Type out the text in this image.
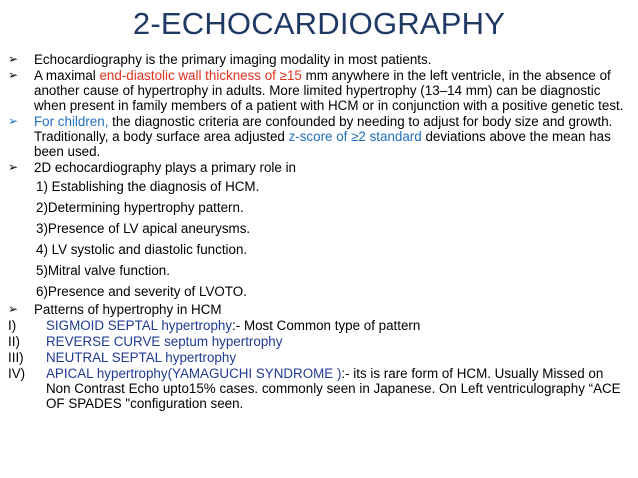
2-ECHOCARDIOGRAPHY
➢	Echocardiography is the primary imaging modality in most patients.
➢	A maximal end-diastolic wall thickness of ≥15 mm anywhere in the left ventricle, in the absence of another cause of hypertrophy in adults. More limited hypertrophy (13–14 mm) can be diagnostic when present in family members of a patient with HCM or in conjunction with a positive genetic test.
➢	For children, the diagnostic criteria are confounded by needing to adjust for body size and growth. Traditionally, a body surface area adjusted z-score of ≥2 standard deviations above the mean has been used.
➢	2D echocardiography plays a primary role in
1) Establishing the diagnosis of HCM.
2)Determining hypertrophy pattern.
3)Presence of LV apical aneurysms.
4) LV systolic and diastolic function.
5)Mitral valve function.
6)Presence and severity of LVOTO.
➢	Patterns of hypertrophy in HCM
I) SIGMOID SEPTAL hypertrophy:- Most Common type of pattern
II) REVERSE CURVE septum hypertrophy
III) NEUTRAL SEPTAL hypertrophy
IV) APICAL hypertrophy(YAMAGUCHI SYNDROME ):- its is rare form of HCM. Usually Missed on Non Contrast Echo upto15% cases. commonly seen in Japanese. On Left ventriculography “ACE OF SPADES "configuration seen.
